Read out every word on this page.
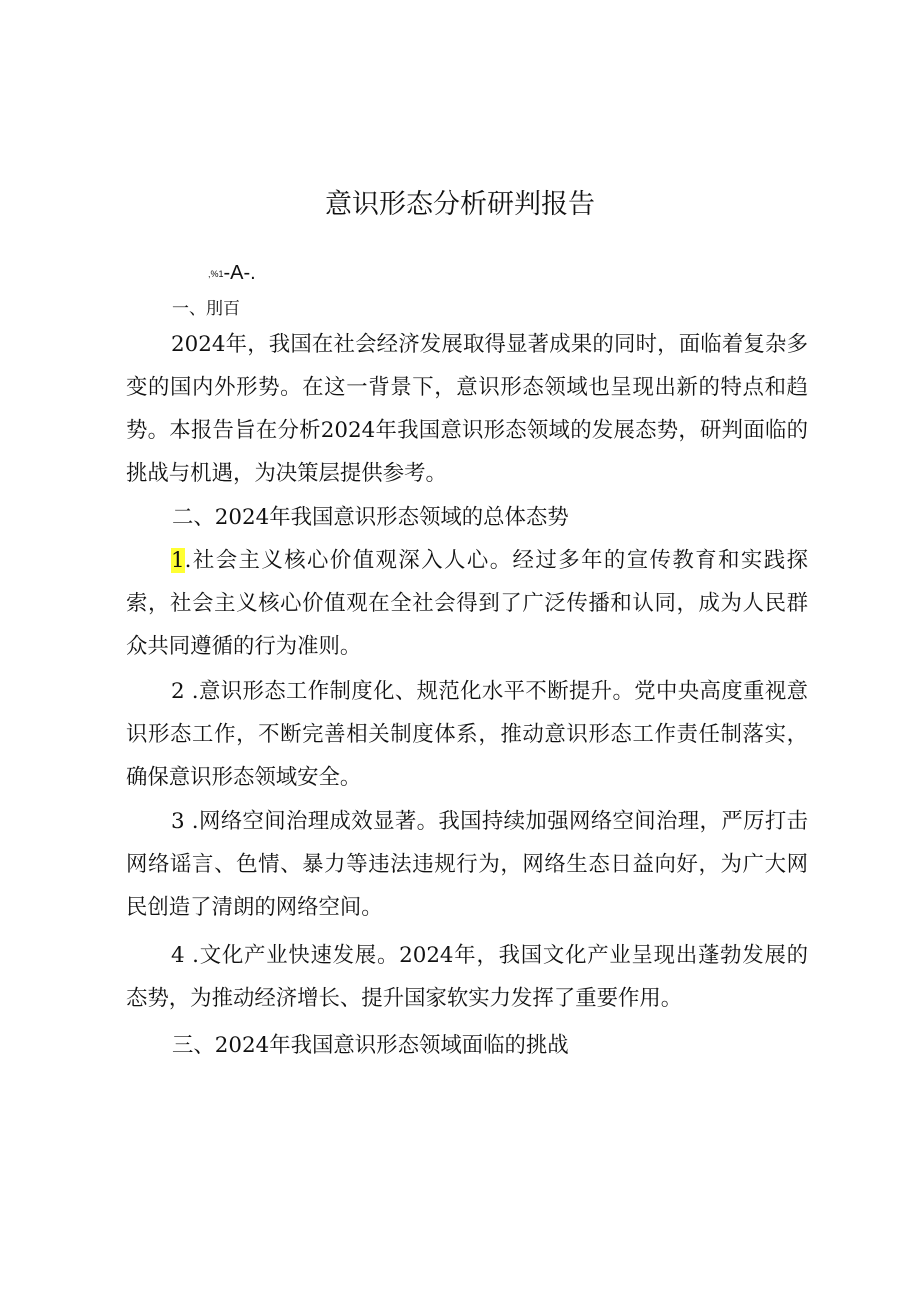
意识形态分析研判报告
,%1-A-.
一、刖百

2024年，我国在社会经济发展取得显著成果的同时，面临着复杂多变的国内外形势。在这一背景下，意识形态领域也呈现出新的特点和趋势。本报告旨在分析2024年我国意识形态领域的发展态势，研判面临的挑战与机遇，为决策层提供参考。

二、2024年我国意识形态领域的总体态势

1.社会主义核心价值观深入人心。经过多年的宣传教育和实践探索，社会主义核心价值观在全社会得到了广泛传播和认同，成为人民群众共同遵循的行为准则。

2 .意识形态工作制度化、规范化水平不断提升。党中央高度重视意识形态工作，不断完善相关制度体系，推动意识形态工作责任制落实，确保意识形态领域安全。

3 .网络空间治理成效显著。我国持续加强网络空间治理，严厉打击网络谣言、色情、暴力等违法违规行为，网络生态日益向好，为广大网民创造了清朗的网络空间。

4 .文化产业快速发展。2024年，我国文化产业呈现出蓬勃发展的态势，为推动经济增长、提升国家软实力发挥了重要作用。

三、2024年我国意识形态领域面临的挑战
